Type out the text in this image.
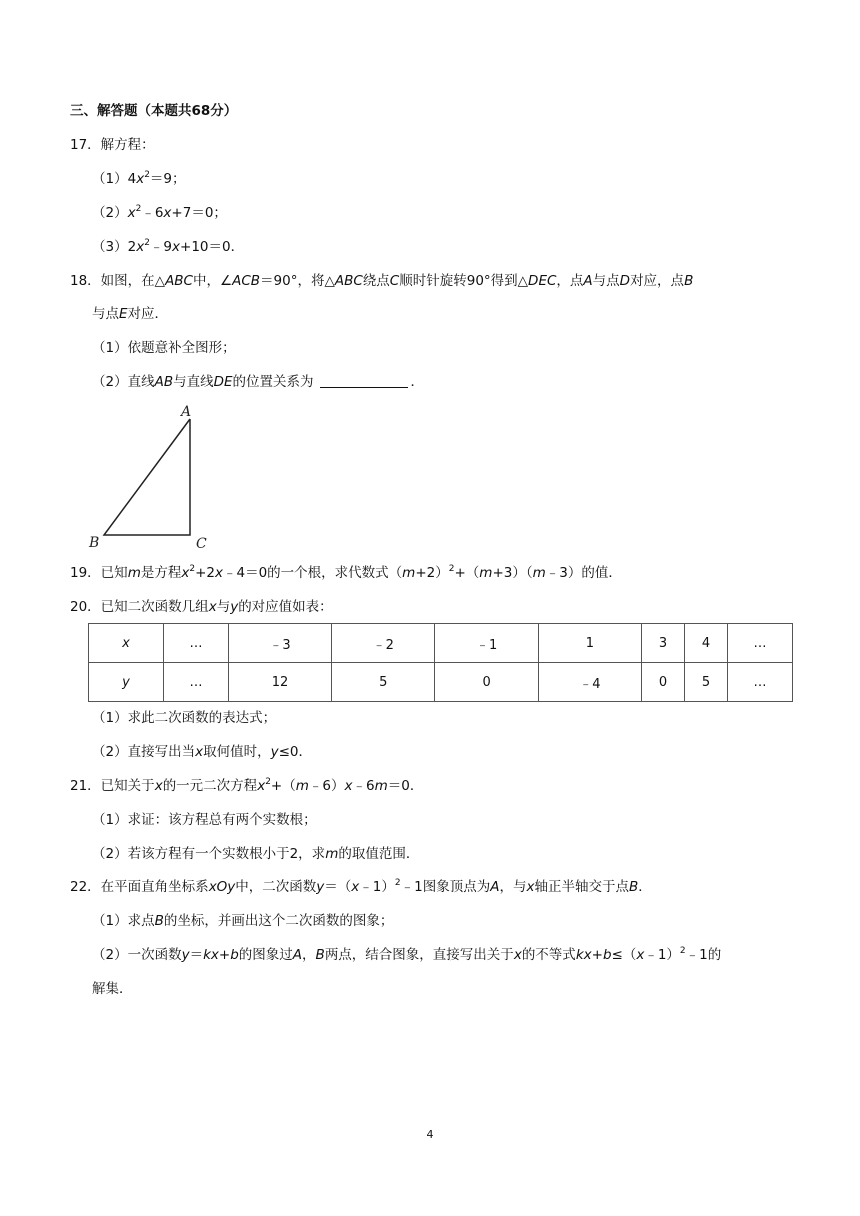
三、解答题（本题共68分）
17．解方程：
$(1)4x^2=9$；
$(2)x^2﹣6x+7=0$；
$(3)2x^2﹣9x+10=0$．
18．如图，在△ABC中，∠ACB＝90°，将△ABC绕点C顺时针旋转90°得到△DEC，点A与点D对应，点B
与点E对应．
（1）依题意补全图形；
（2）直线AB与直线DE的位置关系为	．
A
B	C
19．已知m是方程$x^2+2x﹣4=0$的一个根，求代数式$(m+2)^2+(m+3)(m﹣3)$的值．
20．已知二次函数几组x与y的对应值如表：
x	…	﹣3	﹣2	﹣1	1	3	4	…
y	…	12	5	0	﹣4	0	5	…
（1）求此二次函数的表达式；
（2）直接写出当x取何值时，y≤0．
21．已知关于x的一元二次方程$x^2+(m﹣6)x﹣6m=0$．
（1）求证：该方程总有两个实数根；
（2）若该方程有一个实数根小于2，求m的取值范围．
22．在平面直角坐标系xOy中，二次函数y＝（x﹣1）$^2$﹣1图象顶点为A，与x轴正半轴交于点B．
（1）求点B的坐标，并画出这个二次函数的图象；
（2）一次函数y＝kx+b的图象过A，B两点，结合图象，直接写出关于x的不等式kx+b≤（x﹣1）$^2$﹣1的
解集．
4
